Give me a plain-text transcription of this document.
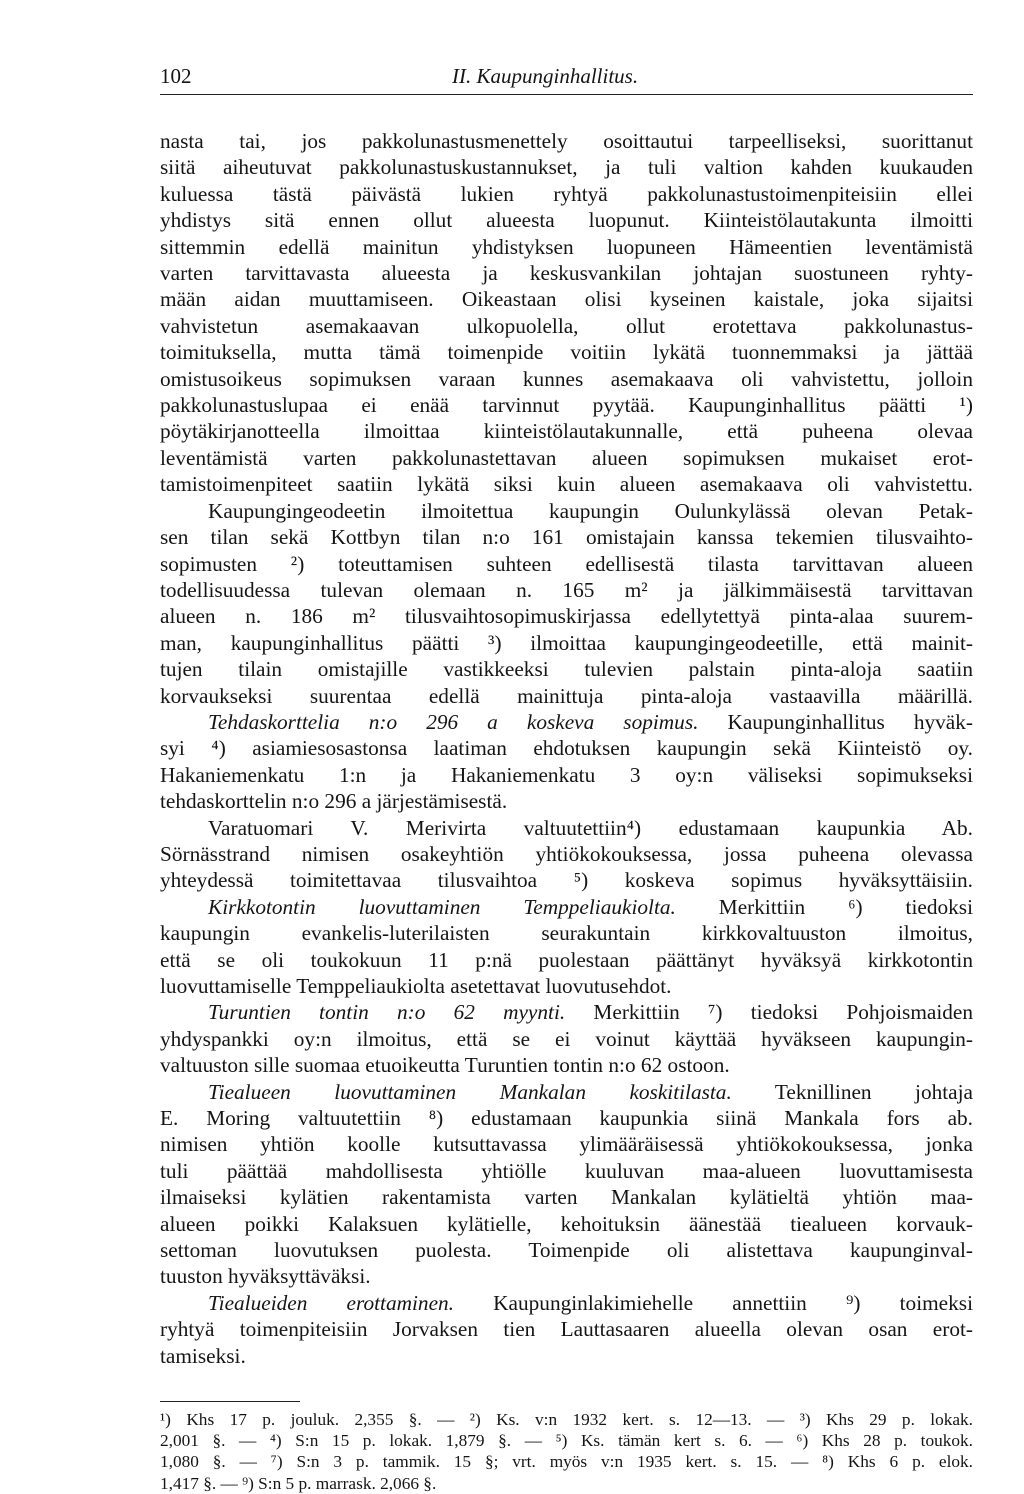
102	II. Kaupunginhallitus.

nasta tai, jos pakkolunastusmenettely osoittautui tarpeelliseksi, suorittanut

siitä aiheutuvat pakkolunastuskustannukset, ja tuli valtion kahden kuukauden

kuluessa tästä päivästä lukien ryhtyä pakkolunastustoimenpiteisiin ellei

yhdistys sitä ennen ollut alueesta luopunut. Kiinteistölautakunta ilmoitti

sittemmin edellä mainitun yhdistyksen luopuneen Hämeentien leventämistä

varten tarvittavasta alueesta ja keskusvankilan johtajan suostuneen ryhty-

mään aidan muuttamiseen. Oikeastaan olisi kyseinen kaistale, joka sijaitsi

vahvistetun asemakaavan ulkopuolella, ollut erotettava pakkolunastus-

toimituksella, mutta tämä toimenpide voitiin lykätä tuonnemmaksi ja jättää

omistusoikeus sopimuksen varaan kunnes asemakaava oli vahvistettu, jolloin

pakkolunastuslupaa ei enää tarvinnut pyytää. Kaupunginhallitus päätti ¹)

pöytäkirjanotteella ilmoittaa kiinteistölautakunnalle, että puheena olevaa

leventämistä varten pakkolunastettavan alueen sopimuksen mukaiset erot-

tamistoimenpiteet saatiin lykätä siksi kuin alueen asemakaava oli vahvistettu.

Kaupungingeodeetin ilmoitettua kaupungin Oulunkylässä olevan Petak-

sen tilan sekä Kottbyn tilan n:o 161 omistajain kanssa tekemien tilusvaihto-

sopimusten ²) toteuttamisen suhteen edellisestä tilasta tarvittavan alueen

todellisuudessa tulevan olemaan n. 165 m² ja jälkimmäisestä tarvittavan

alueen n. 186 m² tilusvaihtosopimuskirjassa edellytettyä pinta-alaa suurem-

man, kaupunginhallitus päätti ³) ilmoittaa kaupungingeodeetille, että mainit-

tujen tilain omistajille vastikkeeksi tulevien palstain pinta-aloja saatiin

korvaukseksi suurentaa edellä mainittuja pinta-aloja vastaavilla määrillä.

Tehdaskorttelia n:o 296 a koskeva sopimus. Kaupunginhallitus hyväk-

syi ⁴) asiamiesosastonsa laatiman ehdotuksen kaupungin sekä Kiinteistö oy.

Hakaniemenkatu 1:n ja Hakaniemenkatu 3 oy:n väliseksi sopimukseksi

tehdaskorttelin n:o 296 a järjestämisestä.

Varatuomari V. Merivirta valtuutettiin⁴) edustamaan kaupunkia Ab.

Sörnässtrand nimisen osakeyhtiön yhtiökokouksessa, jossa puheena olevassa

yhteydessä toimitettavaa tilusvaihtoa ⁵) koskeva sopimus hyväksyttäisiin.

Kirkkotontin luovuttaminen Temppeliaukiolta. Merkittiin ⁶) tiedoksi

kaupungin evankelis-luterilaisten seurakuntain kirkkovaltuuston ilmoitus,

että se oli toukokuun 11 p:nä puolestaan päättänyt hyväksyä kirkkotontin

luovuttamiselle Temppeliaukiolta asetettavat luovutusehdot.

Turuntien tontin n:o 62 myynti. Merkittiin ⁷) tiedoksi Pohjoismaiden

yhdyspankki oy:n ilmoitus, että se ei voinut käyttää hyväkseen kaupungin-

valtuuston sille suomaa etuoikeutta Turuntien tontin n:o 62 ostoon.

Tiealueen luovuttaminen Mankalan koskitilasta. Teknillinen johtaja

E. Moring valtuutettiin ⁸) edustamaan kaupunkia siinä Mankala fors ab.

nimisen yhtiön koolle kutsuttavassa ylimääräisessä yhtiökokouksessa, jonka

tuli päättää mahdollisesta yhtiölle kuuluvan maa-alueen luovuttamisesta

ilmaiseksi kylätien rakentamista varten Mankalan kylätieltä yhtiön maa-

alueen poikki Kalaksuen kylätielle, kehoituksin äänestää tiealueen korvauk-

settoman luovutuksen puolesta. Toimenpide oli alistettava kaupunginval-

tuuston hyväksyttäväksi.

Tiealueiden erottaminen. Kaupunginlakimiehelle annettiin ⁹) toimeksi

ryhtyä toimenpiteisiin Jorvaksen tien Lauttasaaren alueella olevan osan erot-

tamiseksi.

¹) Khs 17 p. jouluk. 2,355 §. — ²) Ks. v:n 1932 kert. s. 12—13. — ³) Khs 29 p. lokak.

2,001 §. — ⁴) S:n 15 p. lokak. 1,879 §. — ⁵) Ks. tämän kert s. 6. — ⁶) Khs 28 p. toukok.

1,080 §. — ⁷) S:n 3 p. tammik. 15 §; vrt. myös v:n 1935 kert. s. 15. — ⁸) Khs 6 p. elok.

1,417 §. — ⁹) S:n 5 p. marrask. 2,066 §.
